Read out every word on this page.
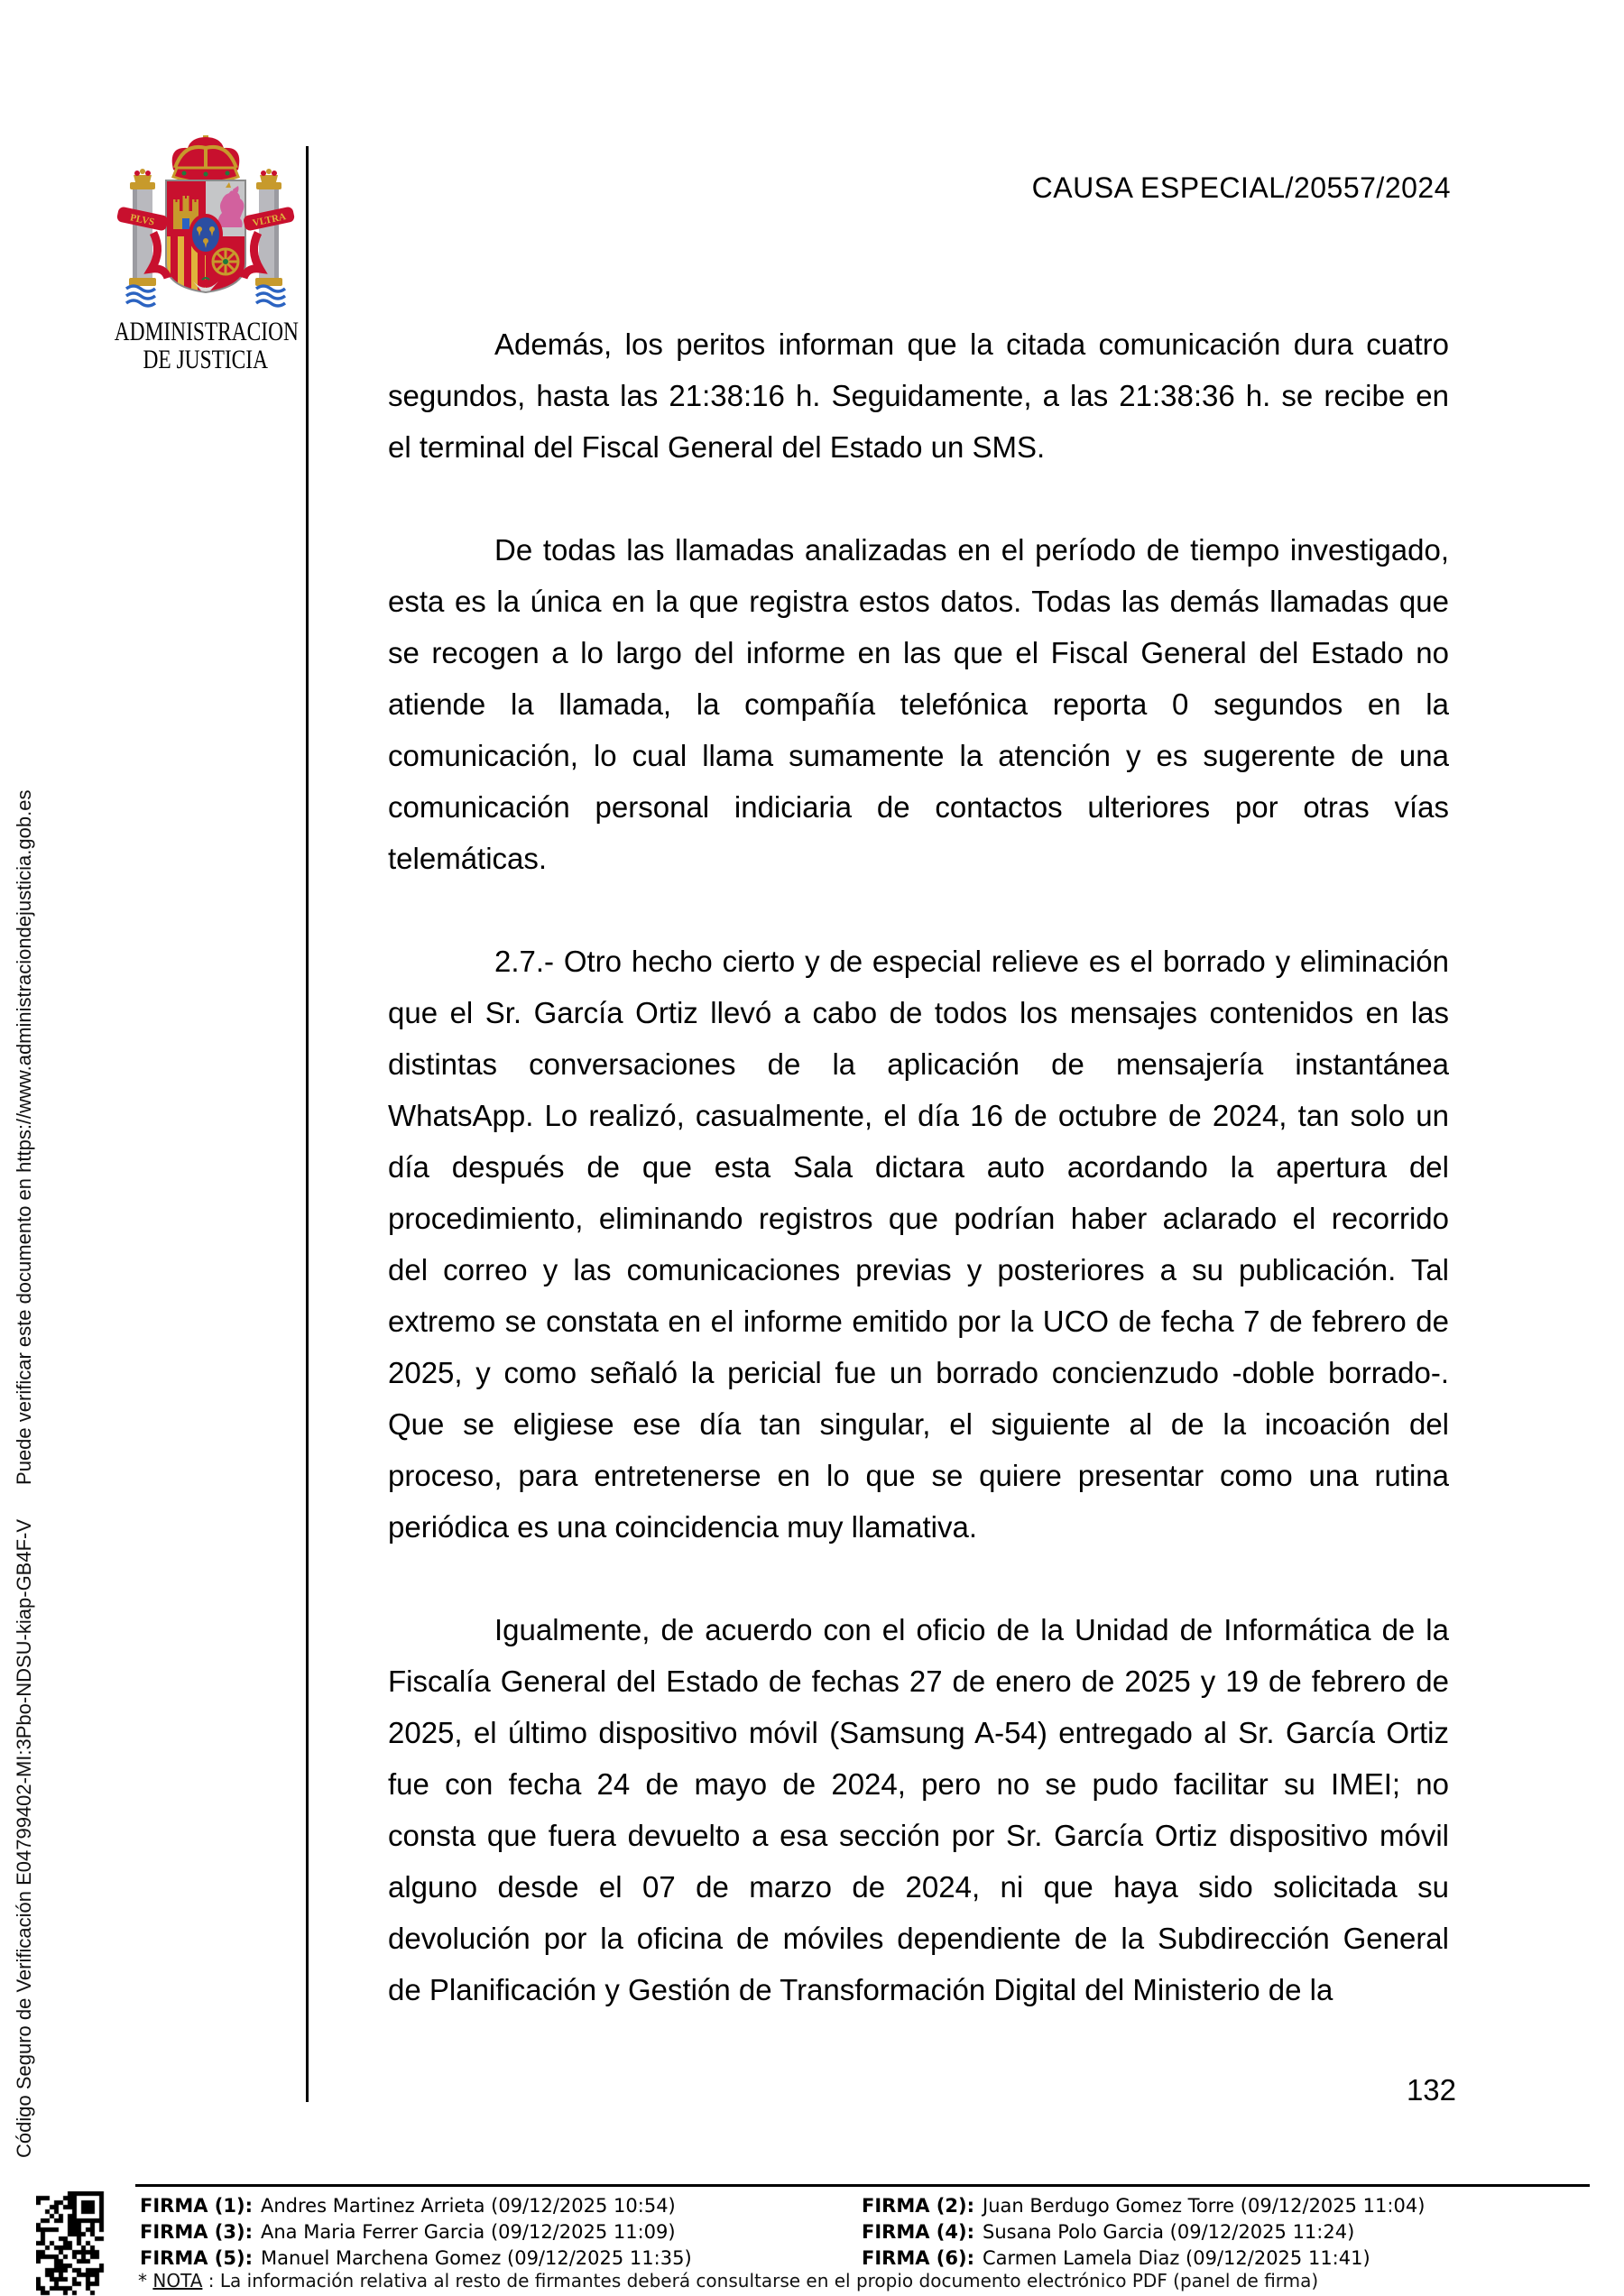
CAUSA ESPECIAL/20557/2024
PLVS	VLTRA
ADMINISTRACION
DE JUSTICIA
Código Seguro de Verificación E04799402-MI:3Pbo-NDSU-kiap-GB4F-V
Puede verificar este documento en https://www.administraciondejusticia.gob.es
Además, los peritos informan que la citada comunicación dura cuatro
segundos, hasta las 21:38:16 h. Seguidamente, a las 21:38:36 h. se recibe en
el terminal del Fiscal General del Estado un SMS.
De todas las llamadas analizadas en el período de tiempo investigado,
esta es la única en la que registra estos datos. Todas las demás llamadas que
se recogen a lo largo del informe en las que el Fiscal General del Estado no
atiende la llamada, la compañía telefónica reporta 0 segundos en la
comunicación, lo cual llama sumamente la atención y es sugerente de una
comunicación personal indiciaria de contactos ulteriores por otras vías
telemáticas.
2.7.- Otro hecho cierto y de especial relieve es el borrado y eliminación
que el Sr. García Ortiz llevó a cabo de todos los mensajes contenidos en las
distintas conversaciones de la aplicación de mensajería instantánea
WhatsApp. Lo realizó, casualmente, el día 16 de octubre de 2024, tan solo un
día después de que esta Sala dictara auto acordando la apertura del
procedimiento, eliminando registros que podrían haber aclarado el recorrido
del correo y las comunicaciones previas y posteriores a su publicación. Tal
extremo se constata en el informe emitido por la UCO de fecha 7 de febrero de
2025, y como señaló la pericial fue un borrado concienzudo -doble borrado-.
Que se eligiese ese día tan singular, el siguiente al de la incoación del
proceso, para entretenerse en lo que se quiere presentar como una rutina
periódica es una coincidencia muy llamativa.
Igualmente, de acuerdo con el oficio de la Unidad de Informática de la
Fiscalía General del Estado de fechas 27 de enero de 2025 y 19 de febrero de
2025, el último dispositivo móvil (Samsung A-54) entregado al Sr. García Ortiz
fue con fecha 24 de mayo de 2024, pero no se pudo facilitar su IMEI; no
consta que fuera devuelto a esa sección por Sr. García Ortiz dispositivo móvil
alguno desde el 07 de marzo de 2024, ni que haya sido solicitada su
devolución por la oficina de móviles dependiente de la Subdirección General
de Planificación y Gestión de Transformación Digital del Ministerio de la
132
FIRMA (1): Andres Martinez Arrieta (09/12/2025 10:54)
FIRMA (3): Ana Maria Ferrer Garcia (09/12/2025 11:09)
FIRMA (5): Manuel Marchena Gomez (09/12/2025 11:35)
FIRMA (2): Juan Berdugo Gomez Torre (09/12/2025 11:04)
FIRMA (4): Susana Polo Garcia (09/12/2025 11:24)
FIRMA (6): Carmen Lamela Diaz (09/12/2025 11:41)
* NOTA : La información relativa al resto de firmantes deberá consultarse en el propio documento electrónico PDF (panel de firma)
